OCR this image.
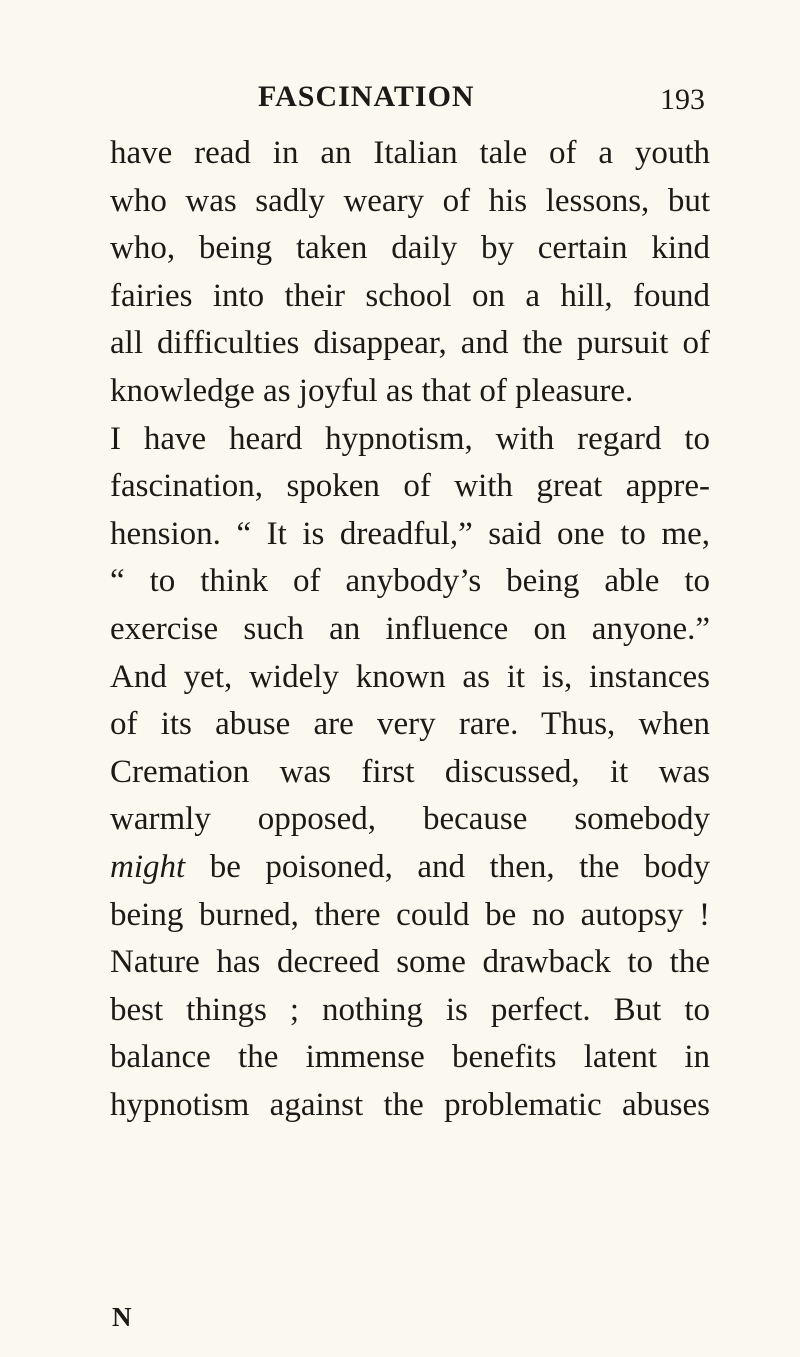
FASCINATION	193
have read in an Italian tale of a youth
who was sadly weary of his lessons, but
who, being taken daily by certain kind
fairies into their school on a hill, found
all difficulties disappear, and the pursuit of
knowledge as joyful as that of pleasure.
I have heard hypnotism, with regard to
fascination, spoken of with great appre-
hension. “ It is dreadful,” said one to me,
“ to think of anybody’s being able to
exercise such an influence on anyone.”
And yet, widely known as it is, instances
of its abuse are very rare. Thus, when
Cremation was first discussed, it was
warmly opposed, because somebody
might be poisoned, and then, the body
being burned, there could be no autopsy !
Nature has decreed some drawback to the
best things ; nothing is perfect. But to
balance the immense benefits latent in
hypnotism against the problematic abuses
N
